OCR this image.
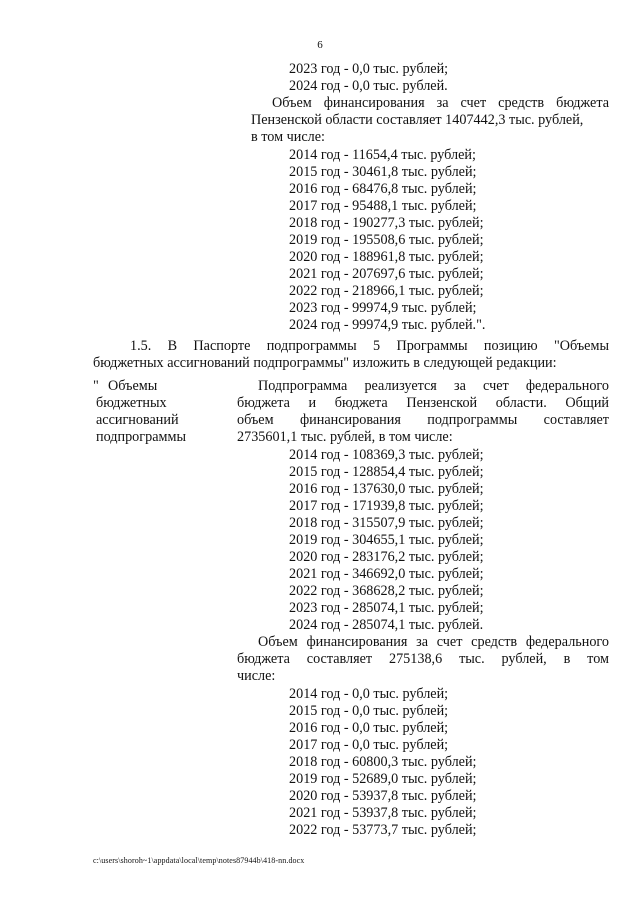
6
2023 год - 0,0 тыс. рублей;
2024 год - 0,0 тыс. рублей.
Объем финансирования за счет средств бюджета
Пензенской области составляет 1407442,3 тыс. рублей,
в том числе:
2014 год - 11654,4 тыс. рублей;
2015 год - 30461,8 тыс. рублей;
2016 год - 68476,8 тыс. рублей;
2017 год - 95488,1 тыс. рублей;
2018 год - 190277,3 тыс. рублей;
2019 год - 195508,6 тыс. рублей;
2020 год - 188961,8 тыс. рублей;
2021 год - 207697,6 тыс. рублей;
2022 год - 218966,1 тыс. рублей;
2023 год - 99974,9 тыс. рублей;
2024 год - 99974,9 тыс. рублей.".
1.5. В Паспорте подпрограммы 5 Программы позицию "Объемы
бюджетных ассигнований подпрограммы" изложить в следующей редакции:
" Объемы
бюджетных
ассигнований
подпрограммы
Подпрограмма реализуется за счет федерального
бюджета и бюджета Пензенской области. Общий
объем финансирования подпрограммы составляет
2735601,1 тыс. рублей, в том числе:
2014 год - 108369,3 тыс. рублей;
2015 год - 128854,4 тыс. рублей;
2016 год - 137630,0 тыс. рублей;
2017 год - 171939,8 тыс. рублей;
2018 год - 315507,9 тыс. рублей;
2019 год - 304655,1 тыс. рублей;
2020 год - 283176,2 тыс. рублей;
2021 год - 346692,0 тыс. рублей;
2022 год - 368628,2 тыс. рублей;
2023 год - 285074,1 тыс. рублей;
2024 год - 285074,1 тыс. рублей.
Объем финансирования за счет средств федерального
бюджета составляет 275138,6 тыс. рублей, в том
числе:
2014 год - 0,0 тыс. рублей;
2015 год - 0,0 тыс. рублей;
2016 год - 0,0 тыс. рублей;
2017 год - 0,0 тыс. рублей;
2018 год - 60800,3 тыс. рублей;
2019 год - 52689,0 тыс. рублей;
2020 год - 53937,8 тыс. рублей;
2021 год - 53937,8 тыс. рублей;
2022 год - 53773,7 тыс. рублей;
c:\users\shoroh~1\appdata\local\temp\notes87944b\418-nn.docx
